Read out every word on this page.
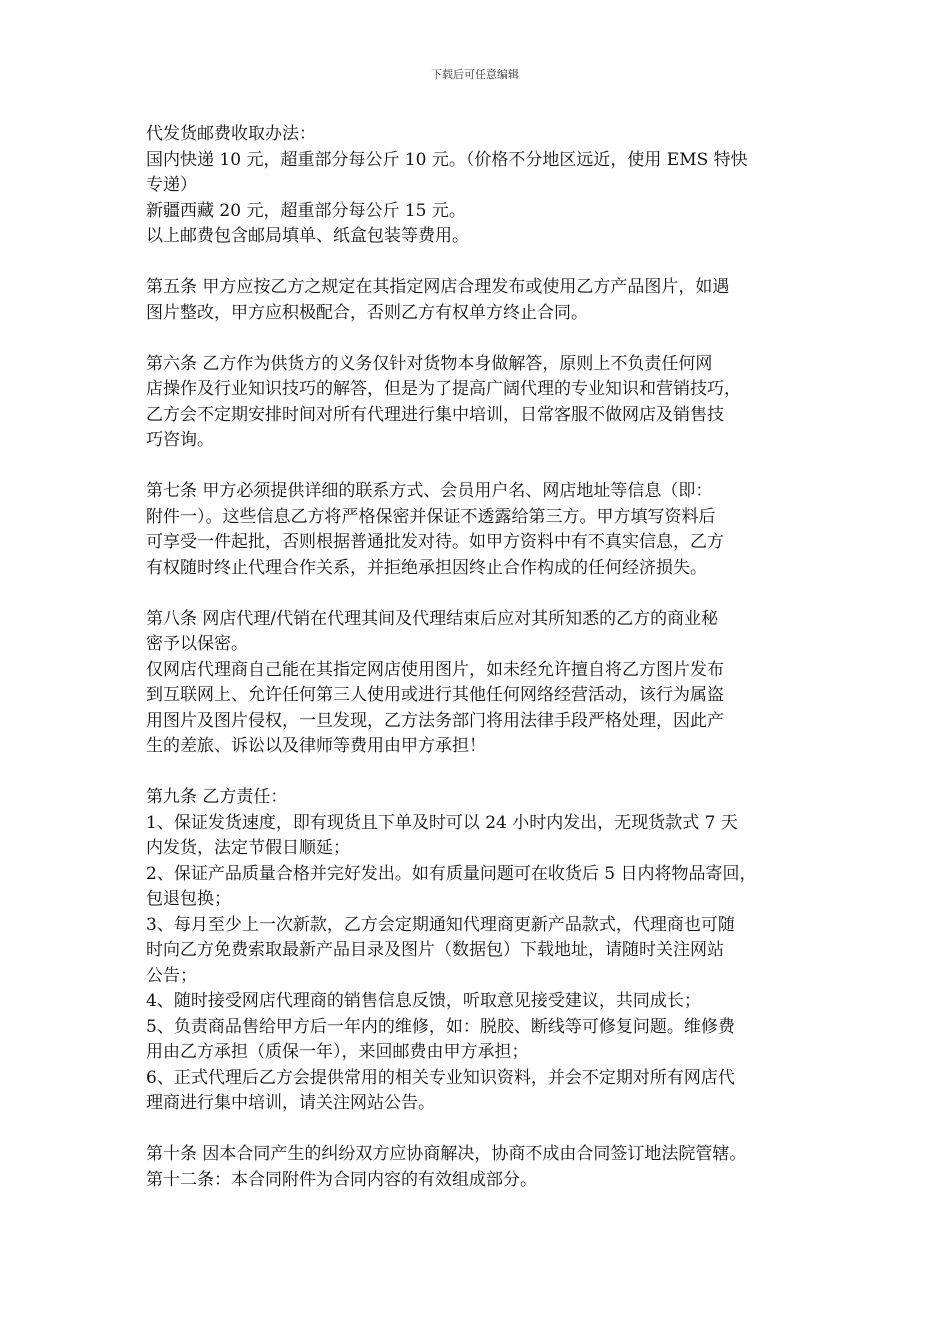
下载后可任意编辑
代发货邮费收取办法：
国内快递 10 元，超重部分每公斤 10 元。（价格不分地区远近，使用 EMS 特快
专递）
新疆西藏 20 元，超重部分每公斤 15 元。
以上邮费包含邮局填单、纸盒包装等费用。
第五条 甲方应按乙方之规定在其指定网店合理发布或使用乙方产品图片，如遇
图片整改，甲方应积极配合，否则乙方有权单方终止合同。
第六条 乙方作为供货方的义务仅针对货物本身做解答，原则上不负责任何网
店操作及行业知识技巧的解答，但是为了提高广阔代理的专业知识和营销技巧，
乙方会不定期安排时间对所有代理进行集中培训，日常客服不做网店及销售技
巧咨询。
第七条 甲方必须提供详细的联系方式、会员用户名、网店地址等信息（即：
附件一）。这些信息乙方将严格保密并保证不透露给第三方。甲方填写资料后
可享受一件起批，否则根据普通批发对待。如甲方资料中有不真实信息，乙方
有权随时终止代理合作关系，并拒绝承担因终止合作构成的任何经济损失。
第八条 网店代理/代销在代理其间及代理结束后应对其所知悉的乙方的商业秘
密予以保密。
仅网店代理商自己能在其指定网店使用图片，如未经允许擅自将乙方图片发布
到互联网上、允许任何第三人使用或进行其他任何网络经营活动，该行为属盗
用图片及图片侵权，一旦发现，乙方法务部门将用法律手段严格处理，因此产
生的差旅、诉讼以及律师等费用由甲方承担！
第九条 乙方责任：
1、保证发货速度，即有现货且下单及时可以 24 小时内发出，无现货款式 7 天
内发货，法定节假日顺延；
2、保证产品质量合格并完好发出。如有质量问题可在收货后 5 日内将物品寄回，
包退包换；
3、每月至少上一次新款，乙方会定期通知代理商更新产品款式，代理商也可随
时向乙方免费索取最新产品目录及图片（数据包）下载地址，请随时关注网站
公告；
4、随时接受网店代理商的销售信息反馈，听取意见接受建议，共同成长；
5、负责商品售给甲方后一年内的维修，如：脱胶、断线等可修复问题。维修费
用由乙方承担（质保一年），来回邮费由甲方承担；
6、正式代理后乙方会提供常用的相关专业知识资料，并会不定期对所有网店代
理商进行集中培训，请关注网站公告。
第十条 因本合同产生的纠纷双方应协商解决，协商不成由合同签订地法院管辖。
第十二条：本合同附件为合同内容的有效组成部分。
